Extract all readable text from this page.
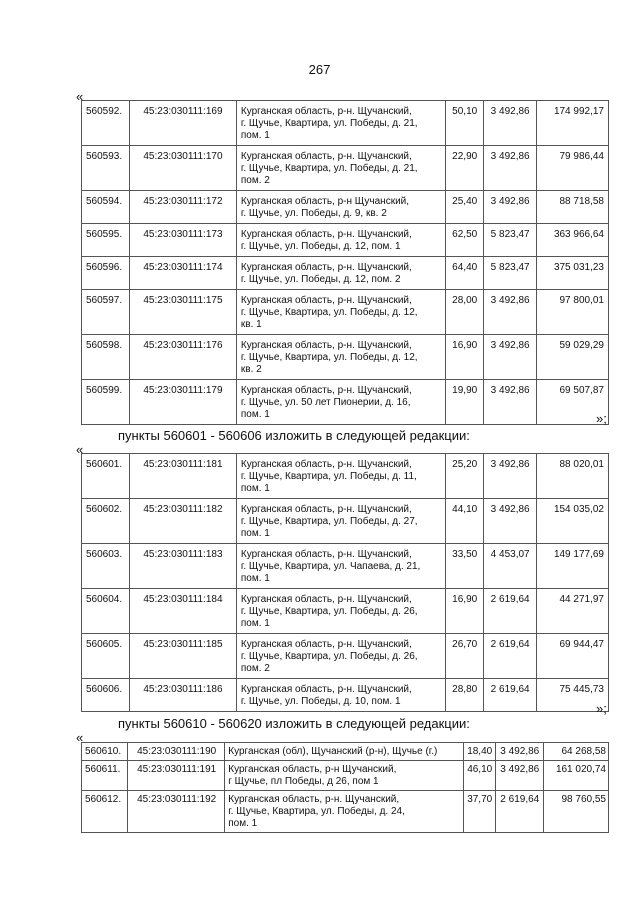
267
«
560592.	45:23:030111:169	Курганская область, р-н. Щучанский,
г. Щучье, Квартира, ул. Победы, д. 21,
пом. 1	50,10	3 492,86	174 992,17
560593.	45:23:030111:170	Курганская область, р-н. Щучанский,
г. Щучье, Квартира, ул. Победы, д. 21,
пом. 2	22,90	3 492,86	79 986,44
560594.	45:23:030111:172	Курганская область, р-н Щучанский,
г. Щучье, ул. Победы, д. 9, кв. 2	25,40	3 492,86	88 718,58
560595.	45:23:030111:173	Курганская область, р-н. Щучанский,
г. Щучье, ул. Победы, д. 12, пом. 1	62,50	5 823,47	363 966,64
560596.	45:23:030111:174	Курганская область, р-н. Щучанский,
г. Щучье, ул. Победы, д. 12, пом. 2	64,40	5 823,47	375 031,23
560597.	45:23:030111:175	Курганская область, р-н. Щучанский,
г. Щучье, Квартира, ул. Победы, д. 12,
кв. 1	28,00	3 492,86	97 800,01
560598.	45:23:030111:176	Курганская область, р-н. Щучанский,
г. Щучье, Квартира, ул. Победы, д. 12,
кв. 2	16,90	3 492,86	59 029,29
560599.	45:23:030111:179	Курганская область, р-н. Щучанский,
г. Щучье, ул. 50 лет Пионерии, д. 16,
пом. 1	19,90	3 492,86	69 507,87
»;
пункты 560601 - 560606 изложить в следующей редакции:
«
560601.	45:23:030111:181	Курганская область, р-н. Щучанский,
г. Щучье, Квартира, ул. Победы, д. 11,
пом. 1	25,20	3 492,86	88 020,01
560602.	45:23:030111:182	Курганская область, р-н. Щучанский,
г. Щучье, Квартира, ул. Победы, д. 27,
пом. 1	44,10	3 492,86	154 035,02
560603.	45:23:030111:183	Курганская область, р-н. Щучанский,
г. Щучье, Квартира, ул. Чапаева, д. 21,
пом. 1	33,50	4 453,07	149 177,69
560604.	45:23:030111:184	Курганская область, р-н. Щучанский,
г. Щучье, Квартира, ул. Победы, д. 26,
пом. 1	16,90	2 619,64	44 271,97
560605.	45:23:030111:185	Курганская область, р-н. Щучанский,
г. Щучье, Квартира, ул. Победы, д. 26,
пом. 2	26,70	2 619,64	69 944,47
560606.	45:23:030111:186	Курганская область, р-н. Щучанский,
г. Щучье, ул. Победы, д. 10, пом. 1	28,80	2 619,64	75 445,73
»;
пункты 560610 - 560620 изложить в следующей редакции:
«
560610.	45:23:030111:190	Курганская (обл), Щучанский (р-н), Щучье (г.)	18,40	3 492,86	64 268,58
560611.	45:23:030111:191	Курганская область, р-н Щучанский,
г Щучье, пл Победы, д 26, пом 1	46,10	3 492,86	161 020,74
560612.	45:23:030111:192	Курганская область, р-н. Щучанский,
г. Щучье, Квартира, ул. Победы, д. 24,
пом. 1	37,70	2 619,64	98 760,55
